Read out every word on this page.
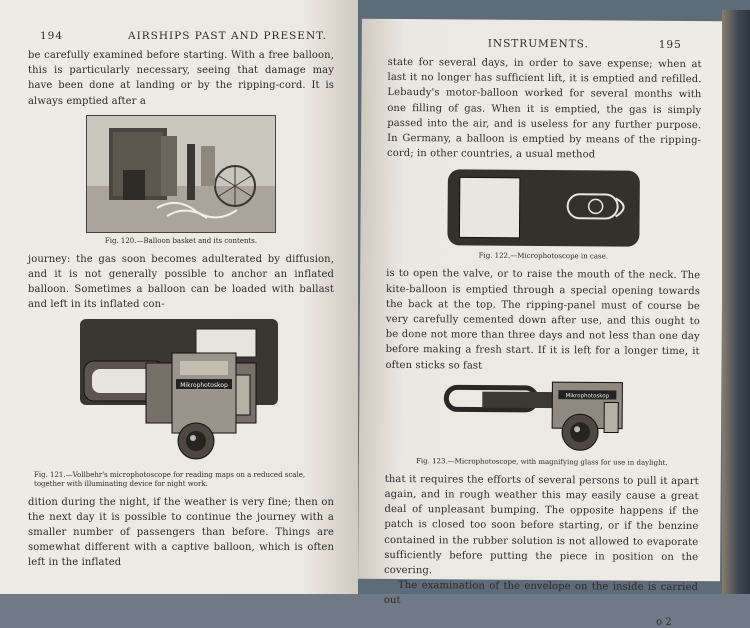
194	AIRSHIPS PAST AND PRESENT.

be carefully examined before starting. With a free balloon, this is particularly necessary, seeing that damage may have been done at landing or by the ripping-cord. It is always emptied after a

Fig. 120.—Balloon basket and its contents.

journey: the gas soon becomes adulterated by diffusion, and it is not generally possible to anchor an inflated balloon. Sometimes a balloon can be loaded with ballast and left in its inflated con-

Mikrophotoskop
Fig. 121.—Vollbehr's microphotoscope for reading maps on a reduced scale, together with illuminating device for night work.

dition during the night, if the weather is very fine; then on the next day it is possible to continue the journey with a smaller number of passengers than before. Things are somewhat different with a captive balloon, which is often left in the inflated

INSTRUMENTS.	195

state for several days, in order to save expense; when at last it no longer has sufficient lift, it is emptied and refilled. Lebaudy's motor-balloon worked for several months with one filling of gas. When it is emptied, the gas is simply passed into the air, and is useless for any further purpose. In Germany, a balloon is emptied by means of the ripping-cord; in other countries, a usual method

Fig. 122.—Microphotoscope in case.

is to open the valve, or to raise the mouth of the neck. The kite-balloon is emptied through a special opening towards the back at the top. The ripping-panel must of course be very carefully cemented down after use, and this ought to be done not more than three days and not less than one day before making a fresh start. If it is left for a longer time, it often sticks so fast

Mikrophotoskop
Fig. 123.—Microphotoscope, with magnifying glass for use in daylight.

that it requires the efforts of several persons to pull it apart again, and in rough weather this may easily cause a great deal of unpleasant bumping. The opposite happens if the patch is closed too soon before starting, or if the benzine contained in the rubber solution is not allowed to evaporate sufficiently before putting the piece in position on the covering.

The examination of the envelope on the inside is carried out

o 2
